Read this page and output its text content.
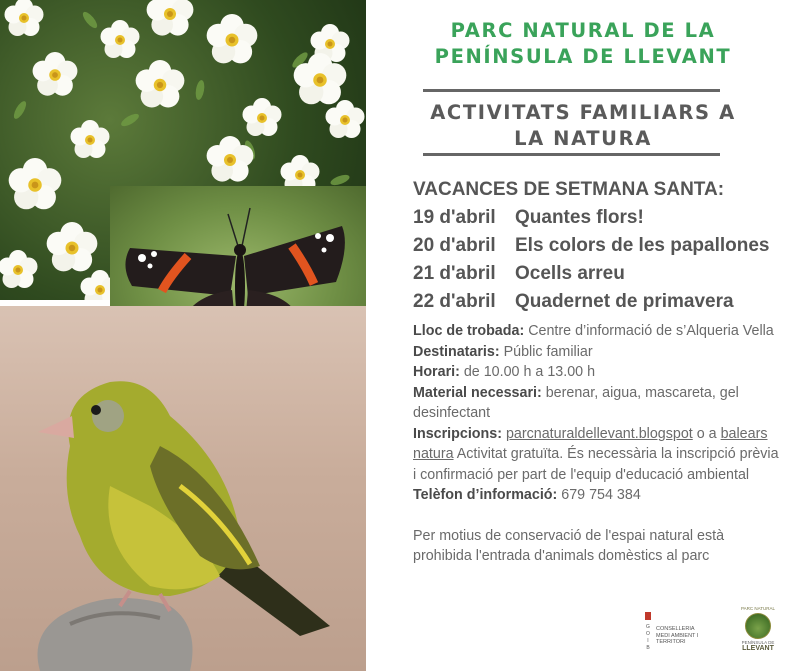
PARC NATURAL DE LA
PENÍNSULA DE LLEVANT
ACTIVITATS FAMILIARS A
LA NATURA
VACANCES DE SETMANA SANTA:
19 d'abril	Quantes flors!
20 d'abril	Els colors de les papallones
21 d'abril	Ocells arreu
22 d'abril	Quadernet de primavera

Lloc de trobada: Centre d’informació de s’Alqueria Vella

Destinataris: Públic familiar

Horari: de 10.00 h a 13.00 h

Material necessari: berenar, aigua, mascareta, gel desinfectant

Inscripcions: parcnaturaldellevant.blogspot o a balears natura Activitat gratuïta. És necessària la inscripció prèvia i confirmació per part de l'equip d'educació ambiental

Telèfon d’informació: 679 754 384

Per motius de conservació de l'espai natural està prohibida l'entrada d'animals domèstics al parc

G
O
I
B
CONSELLERIA MEDI AMBIENT I TERRITORI
PARC NATURAL
PENÍNSULA DE
LLEVANT
